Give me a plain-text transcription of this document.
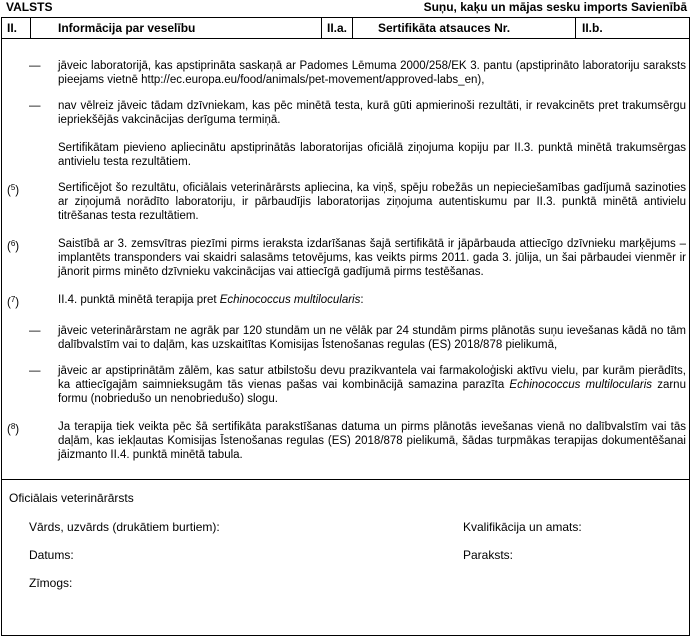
VALSTS	Suņu, kaķu un mājas sesku imports Savienībā
II.	Informācija par veselību	II.a.	Sertifikāta atsauces Nr.	II.b.
—	jāveic laboratorijā, kas apstiprināta saskaņā ar Padomes Lēmuma 2000/258/EK 3. pantu (apstiprināto laboratoriju saraksts pieejams vietnē http://ec.europa.eu/food/animals/pet-movement/approved-labs_en),
—	nav vēlreiz jāveic tādam dzīvniekam, kas pēc minētā testa, kurā gūti apmierinoši rezultāti, ir revakcinēts pret trakumsērgu iepriekšējās vakcinācijas derīguma termiņā.
Sertifikātam pievieno apliecinātu apstiprinātās laboratorijas oficiālā ziņojuma kopiju par II.3. punktā minētā trakumsērgas antivielu testa rezultātiem.
($^5$)	Sertificējot šo rezultātu, oficiālais veterinārārsts apliecina, ka viņš, spēju robežās un nepieciešamības gadījumā sazinoties ar ziņojumā norādīto laboratoriju, ir pārbaudījis laboratorijas ziņojuma autentiskumu par II.3. punktā minētā antivielu titrēšanas testa rezultātiem.
($^6$)	Saistībā ar 3. zemsvītras piezīmi pirms ieraksta izdarīšanas šajā sertifikātā ir jāpārbauda attiecīgo dzīvnieku marķējums – implantēts transponders vai skaidri salasāms tetovējums, kas veikts pirms 2011. gada 3. jūlija, un šai pārbaudei vienmēr ir jānorit pirms minēto dzīvnieku vakcinācijas vai attiecīgā gadījumā pirms testēšanas.
($^7$)	II.4. punktā minētā terapija pret Echinococcus multilocularis:
—	jāveic veterinārārstam ne agrāk par 120 stundām un ne vēlāk par 24 stundām pirms plānotās suņu ievešanas kādā no tām dalībvalstīm vai to daļām, kas uzskaitītas Komisijas Īstenošanas regulas (ES) 2018/878 pielikumā,
—	jāveic ar apstiprinātām zālēm, kas satur atbilstošu devu prazikvantela vai farmakoloģiski aktīvu vielu, par kurām pierādīts, ka attiecīgajām saimnieksugām tās vienas pašas vai kombinācijā samazina parazīta Echinococcus multilocularis zarnu formu (nobriedušo un nenobriedušo) slogu.
($^8$)	Ja terapija tiek veikta pēc šā sertifikāta parakstīšanas datuma un pirms plānotās ievešanas vienā no dalībvalstīm vai tās daļām, kas iekļautas Komisijas Īstenošanas regulas (ES) 2018/878 pielikumā, šādas turpmākas terapijas dokumentēšanai jāizmanto II.4. punktā minētā tabula.
Oficiālais veterinārārsts
Vārds, uzvārds (drukātiem burtiem):	Kvalifikācija un amats:
Datums:	Paraksts:
Zīmogs:
